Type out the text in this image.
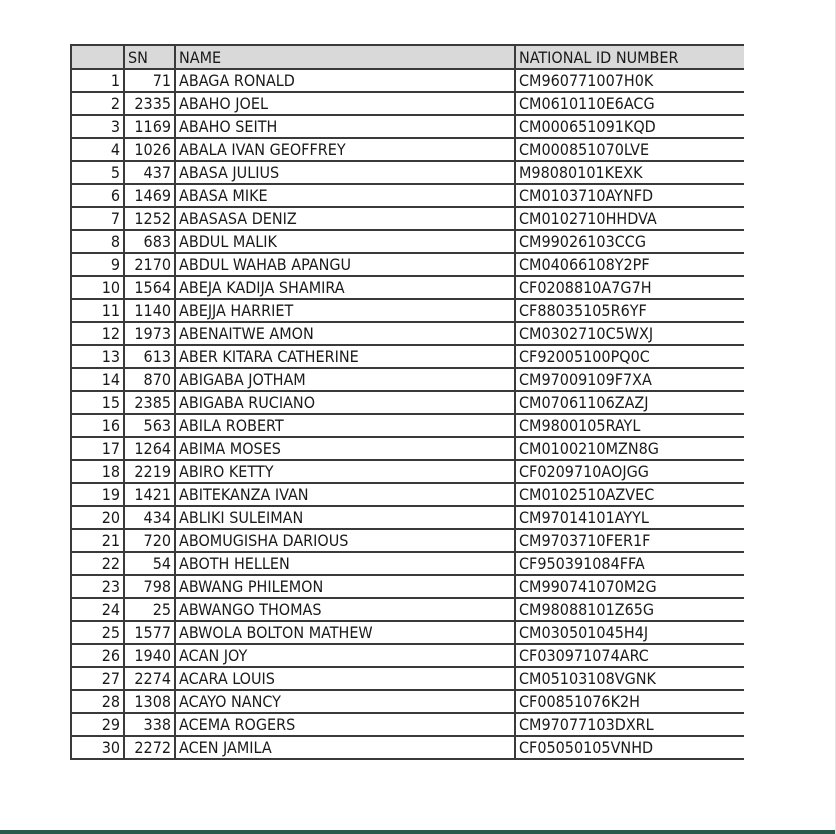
	SN	NAME	NATIONAL ID NUMBER
1	71	ABAGA RONALD	CM960771007H0K
2	2335	ABAHO JOEL	CM0610110E6ACG
3	1169	ABAHO SEITH	CM000651091KQD
4	1026	ABALA IVAN GEOFFREY	CM000851070LVE
5	437	ABASA JULIUS	M98080101KEXK
6	1469	ABASA MIKE	CM0103710AYNFD
7	1252	ABASASA DENIZ	CM0102710HHDVA
8	683	ABDUL MALIK	CM99026103CCG
9	2170	ABDUL WAHAB APANGU	CM04066108Y2PF
10	1564	ABEJA KADIJA SHAMIRA	CF0208810A7G7H
11	1140	ABEJJA HARRIET	CF88035105R6YF
12	1973	ABENAITWE AMON	CM0302710C5WXJ
13	613	ABER KITARA CATHERINE	CF92005100PQ0C
14	870	ABIGABA JOTHAM	CM97009109F7XA
15	2385	ABIGABA RUCIANO	CM07061106ZAZJ
16	563	ABILA ROBERT	CM9800105RAYL
17	1264	ABIMA MOSES	CM0100210MZN8G
18	2219	ABIRO KETTY	CF0209710AOJGG
19	1421	ABITEKANZA IVAN	CM0102510AZVEC
20	434	ABLIKI SULEIMAN	CM97014101AYYL
21	720	ABOMUGISHA DARIOUS	CM9703710FER1F
22	54	ABOTH HELLEN	CF950391084FFA
23	798	ABWANG PHILEMON	CM990741070M2G
24	25	ABWANGO THOMAS	CM98088101Z65G
25	1577	ABWOLA BOLTON MATHEW	CM030501045H4J
26	1940	ACAN JOY	CF030971074ARC
27	2274	ACARA LOUIS	CM05103108VGNK
28	1308	ACAYO NANCY	CF00851076K2H
29	338	ACEMA ROGERS	CM97077103DXRL
30	2272	ACEN JAMILA	CF05050105VNHD
